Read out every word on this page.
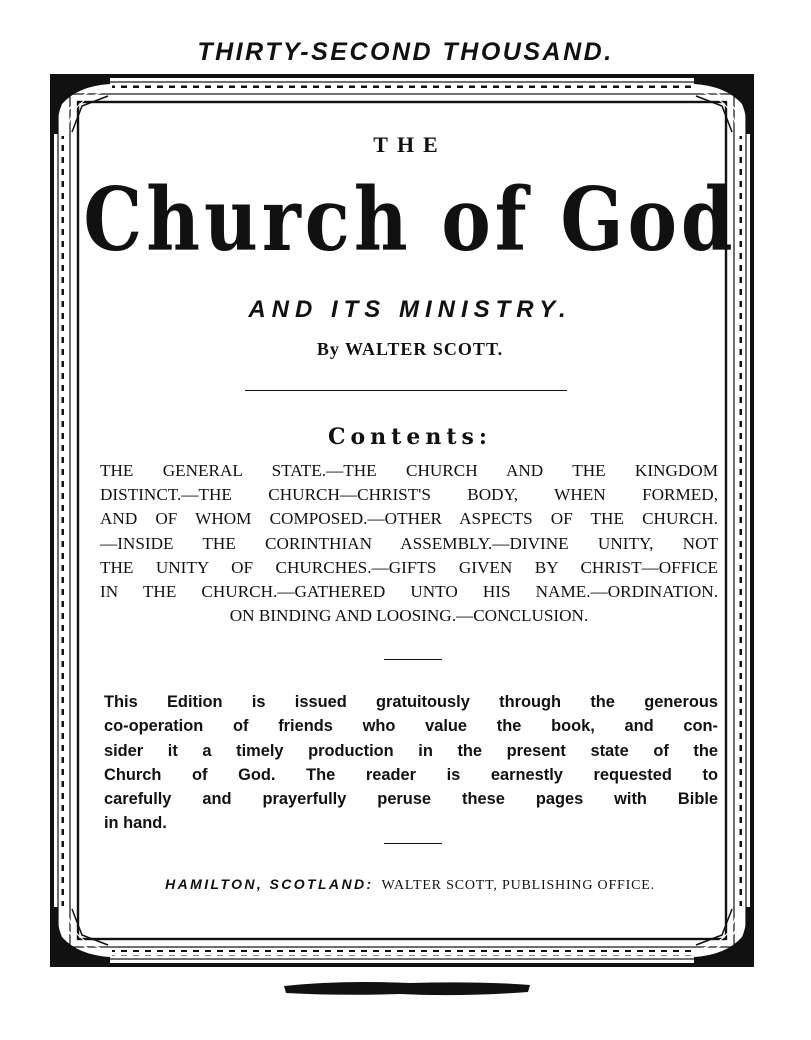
THIRTY-SECOND THOUSAND.
THE
Church of God
AND ITS MINISTRY.
By WALTER SCOTT.
Contents:
THE GENERAL STATE.—THE CHURCH AND THE KINGDOM
DISTINCT.—THE CHURCH—CHRIST'S BODY, WHEN FORMED,
AND OF WHOM COMPOSED.—OTHER ASPECTS OF THE CHURCH.
—INSIDE THE CORINTHIAN ASSEMBLY.—DIVINE UNITY, NOT
THE UNITY OF CHURCHES.—GIFTS GIVEN BY CHRIST—OFFICE
IN THE CHURCH.—GATHERED UNTO HIS NAME.—ORDINATION.
ON BINDING AND LOOSING.—CONCLUSION.
This Edition is issued gratuitously through the generous
co-operation of friends who value the book, and con-
sider it a timely production in the present state of the
Church of God. The reader is earnestly requested to
carefully and prayerfully peruse these pages with Bible
in hand.
HAMILTON, SCOTLAND: WALTER SCOTT, PUBLISHING OFFICE.
